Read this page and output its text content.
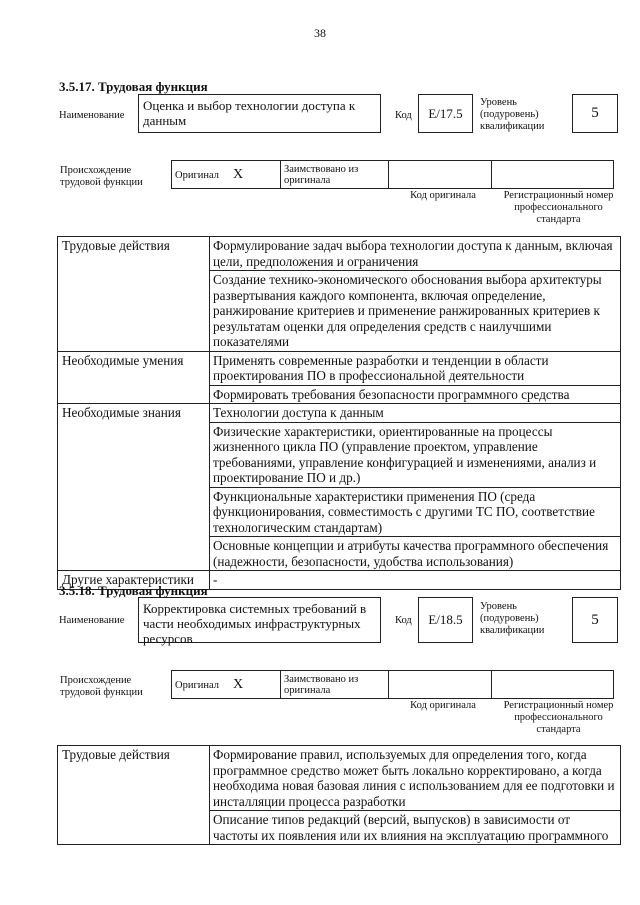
38
3.5.17. Трудовая функция
Наименование
Оценка и выбор технологии доступа к данным	Код	E/17.5
Уровень (подуровень) квалификации
5
Происхождение трудовой функции
Оригинал X	Заимствовано из оригинала		
Код оригинала	Регистрационный номер профессионального стандарта
Трудовые действия	Формулирование задач выбора технологии доступа к данным, включая цели, предположения и ограничения
	Создание технико-экономического обоснования выбора архитектуры развертывания каждого компонента, включая определение, ранжирование критериев и применение ранжированных критериев к результатам оценки для определения средств с наилучшими показателями
Необходимые умения	Применять современные разработки и тенденции в области проектирования ПО в профессиональной деятельности
	Формировать требования безопасности программного средства
Необходимые знания	Технологии доступа к данным
	Физические характеристики, ориентированные на процессы жизненного цикла ПО (управление проектом, управление требованиями, управление конфигурацией и изменениями, анализ и проектирование ПО и др.)
	Функциональные характеристики применения ПО (среда функционирования, совместимость с другими ТС ПО, соответствие технологическим стандартам)
	Основные концепции и атрибуты качества программного обеспечения (надежности, безопасности, удобства использования)
Другие характеристики	-
3.5.18. Трудовая функция
Наименование
Корректировка системных требований в части необходимых инфраструктурных ресурсов
Код	E/18.5
Уровень (подуровень) квалификации
5
Происхождение трудовой функции
Оригинал X	Заимствовано из оригинала		
Код оригинала	Регистрационный номер профессионального стандарта
Трудовые действия	Формирование правил, используемых для определения того, когда программное средство может быть локально корректировано, а когда необходима новая базовая линия с использованием для ее подготовки и инсталляции процесса разработки
Описание типов редакций (версий, выпусков) в зависимости от частоты их появления или их влияния на эксплуатацию программного
